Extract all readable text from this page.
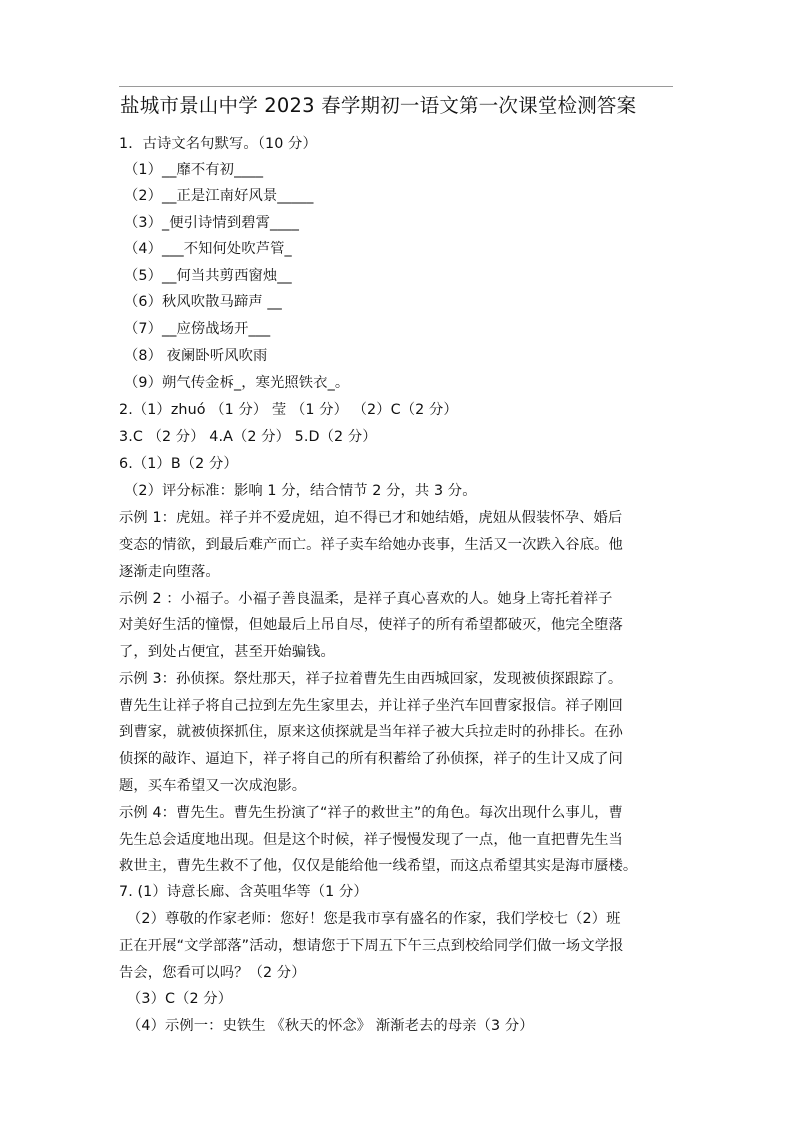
盐城市景山中学 2023 春学期初一语文第一次课堂检测答案
1．古诗文名句默写。（10 分）
（1）__靡不有初____
（2）__正是江南好风景_____
（3）_便引诗情到碧霄____
（4）___不知何处吹芦管_
（5）__何当共剪西窗烛__
（6）秋风吹散马蹄声 __
（7）__应傍战场开___
（8） 夜阑卧听风吹雨
（9）朔气传金柝_，寒光照铁衣_。
2.（1）zhuó （1 分） 莹 （1 分） （2）C（2 分）
3.C （2 分） 4.A（2 分） 5.D（2 分）
6.（1）B（2 分）
（2）评分标准：影响 1 分，结合情节 2 分，共 3 分。
示例 1：虎妞。祥子并不爱虎妞，迫不得已才和她结婚，虎妞从假装怀孕、婚后
变态的情欲，到最后难产而亡。祥子卖车给她办丧事，生活又一次跌入谷底。他
逐渐走向堕落。
示例 2 ：小福子。小福子善良温柔，是祥子真心喜欢的人。她身上寄托着祥子
对美好生活的憧憬，但她最后上吊自尽，使祥子的所有希望都破灭，他完全堕落
了，到处占便宜，甚至开始骗钱。
示例 3：孙侦探。祭灶那天，祥子拉着曹先生由西城回家，发现被侦探跟踪了。
曹先生让祥子将自己拉到左先生家里去，并让祥子坐汽车回曹家报信。祥子刚回
到曹家，就被侦探抓住，原来这侦探就是当年祥子被大兵拉走时的孙排长。在孙
侦探的敲诈、逼迫下，祥子将自己的所有积蓄给了孙侦探，祥子的生计又成了问
题，买车希望又一次成泡影。
示例 4：曹先生。曹先生扮演了“祥子的救世主”的角色。每次出现什么事儿，曹
先生总会适度地出现。但是这个时候，祥子慢慢发现了一点，他一直把曹先生当
救世主，曹先生救不了他，仅仅是能给他一线希望，而这点希望其实是海市蜃楼。
7. (1）诗意长廊、含英咀华等（1 分）
（2）尊敬的作家老师：您好！您是我市享有盛名的作家，我们学校七（2）班
正在开展“文学部落”活动，想请您于下周五下午三点到校给同学们做一场文学报
告会，您看可以吗？（2 分）
（3）C（2 分）
（4）示例一：史铁生 《秋天的怀念》 渐渐老去的母亲（3 分）
